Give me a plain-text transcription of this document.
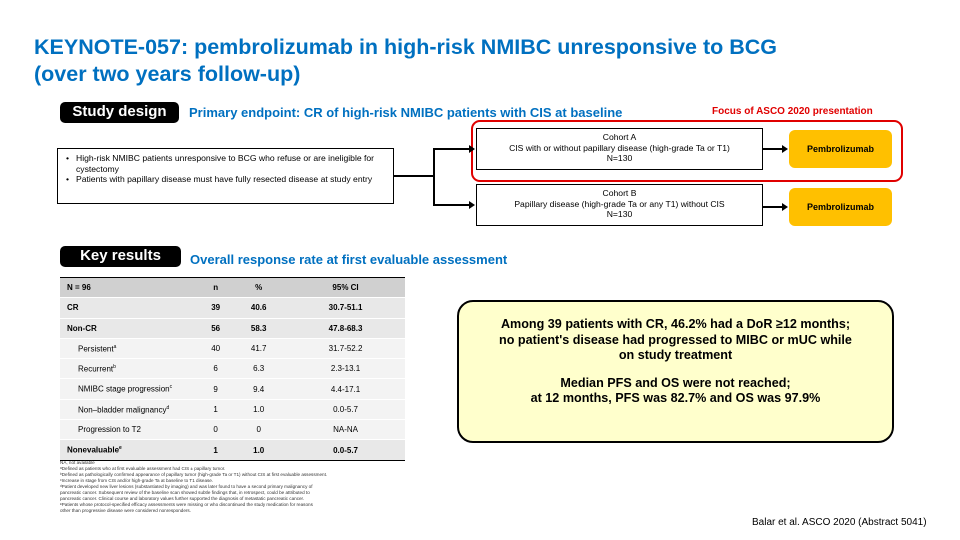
KEYNOTE-057: pembrolizumab in high-risk NMIBC unresponsive to BCG
(over two years follow-up)
Study design	Primary endpoint: CR of high-risk NMIBC patients with CIS at baseline	Focus of ASCO 2020 presentation
• High-risk NMIBC patients unresponsive to BCG who refuse or are ineligible for cystectomy
• Patients with papillary disease must have fully resected disease at study entry
Cohort A
CIS with or without papillary disease (high-grade Ta or T1)
N=130
Pembrolizumab
Cohort B
Papillary disease (high-grade Ta or any T1) without CIS
N=130
Pembrolizumab
Key results	Overall response rate at first evaluable assessment
N = 96	n	%	95% CI
CR	39	40.6	30.7-51.1
Non-CR	56	58.3	47.8-68.3
Persistent$^a$	40	41.7	31.7-52.2
Recurrent$^b$	6	6.3	2.3-13.1
NMIBC stage progression$^c$	9	9.4	4.4-17.1
Non–bladder malignancy$^d$	1	1.0	0.0-5.7
Progression to T2	0	0	NA-NA
Nonevaluable$^e$	1	1.0	0.0-5.7
NA, not available
ᵃDefined as patients who at first evaluable assessment had CIS ± papillary tumor.
ᵇDefined as pathologically confirmed appearance of papillary tumor (high-grade Ta or T1) without CIS at first evaluable assessment.
ᶜIncrease in stage from CIS and/or high-grade Ta at baseline to T1 disease.
ᵈPatient developed new liver lesions (substantiated by imaging) and was later found to have a second primary malignancy of
pancreatic cancer. Subsequent review of the baseline scan showed subtle findings that, in retrospect, could be attributed to
pancreatic cancer. Clinical course and laboratory values further supported the diagnosis of metastatic pancreatic cancer.
ᵉPatients whose protocol-specified efficacy assessments were missing or who discontinued the study medication for reasons
other than progressive disease were considered nonresponders.
Among 39 patients with CR, 46.2% had a DoR ≥12 months;
no patient's disease had progressed to MIBC or mUC while
on study treatment
Median PFS and OS were not reached;
at 12 months, PFS was 82.7% and OS was 97.9%
Balar et al. ASCO 2020 (Abstract 5041)
